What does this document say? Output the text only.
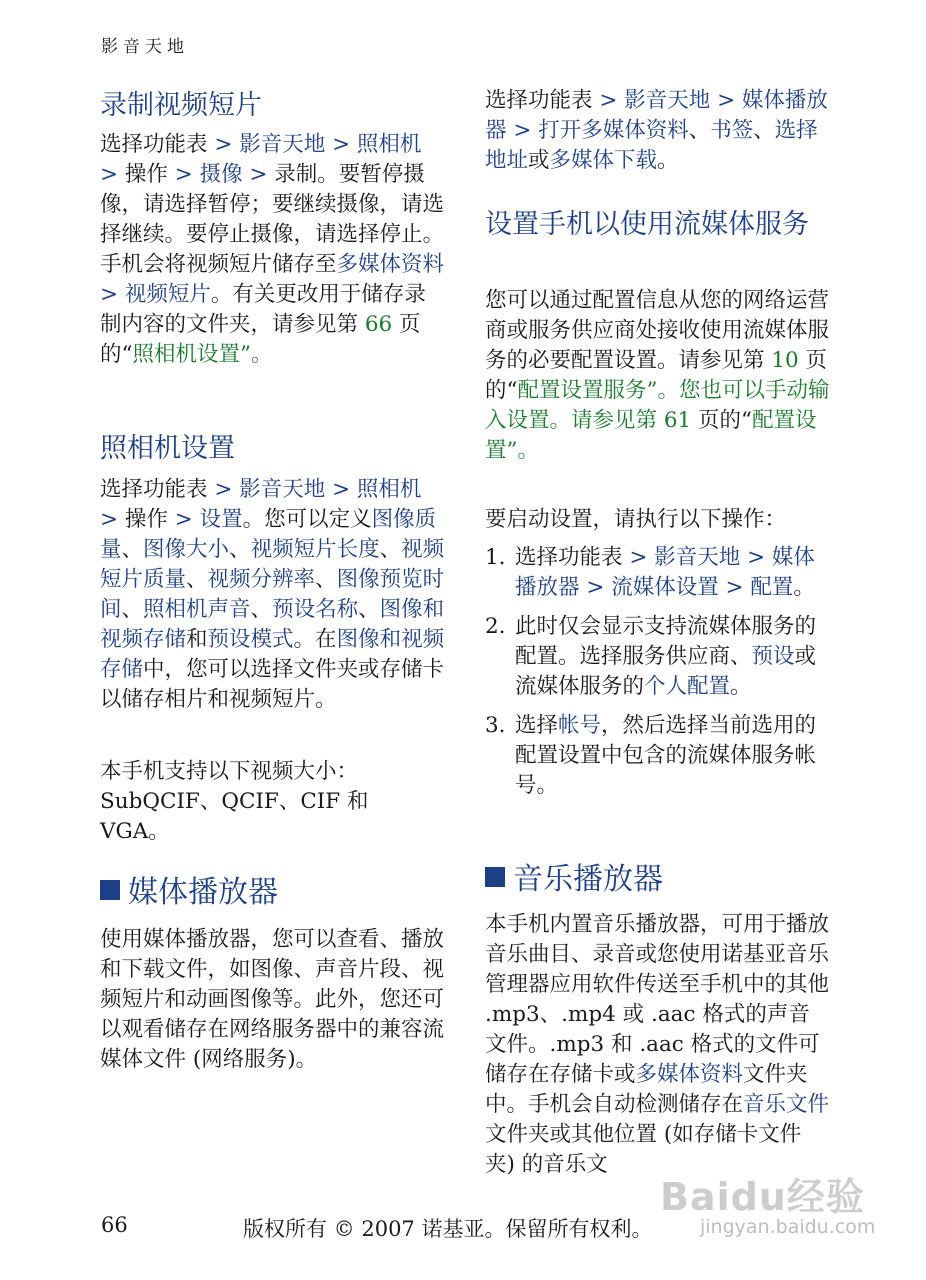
影音天地
录制视频短片

选择功能表 > 影音天地 > 照相机 > 操作 > 摄像 > 录制。要暂停摄像，请选择暂停；要继续摄像，请选择继续。要停止摄像，请选择停止。手机会将视频短片储存至多媒体资料 > 视频短片。有关更改用于储存录制内容的文件夹，请参见第 66 页的“照相机设置”。

照相机设置

选择功能表 > 影音天地 > 照相机 > 操作 > 设置。您可以定义图像质量、图像大小、视频短片长度、视频短片质量、视频分辨率、图像预览时间、照相机声音、预设名称、图像和视频存储和预设模式。在图像和视频存储中，您可以选择文件夹或存储卡以储存相片和视频短片。

本手机支持以下视频大小：SubQCIF、QCIF、CIF 和 VGA。

媒体播放器

使用媒体播放器，您可以查看、播放和下载文件，如图像、声音片段、视频短片和动画图像等。此外，您还可以观看储存在网络服务器中的兼容流媒体文件 (网络服务)。

选择功能表 > 影音天地 > 媒体播放器 > 打开多媒体资料、书签、选择地址或多媒体下载。

设置手机以使用流媒体服务

您可以通过配置信息从您的网络运营商或服务供应商处接收使用流媒体服务的必要配置设置。请参见第 10 页的“配置设置服务”。您也可以手动输入设置。请参见第 61 页的“配置设置”。

要启动设置，请执行以下操作：

1. 选择功能表 > 影音天地 > 媒体播放器 > 流媒体设置 > 配置。
2. 此时仅会显示支持流媒体服务的配置。选择服务供应商、预设或流媒体服务的个人配置。
3. 选择帐号，然后选择当前选用的配置设置中包含的流媒体服务帐号。
音乐播放器

本手机内置音乐播放器，可用于播放音乐曲目、录音或您使用诺基亚音乐管理器应用软件传送至手机中的其他 .mp3、.mp4 或 .aac 格式的声音文件。.mp3 和 .aac 格式的文件可储存在存储卡或多媒体资料文件夹中。手机会自动检测储存在音乐文件文件夹或其他位置 (如存储卡文件夹) 的音乐文

66	版权所有 © 2007 诺基亚。保留所有权利。
Baidu经验
jingyan.baidu.com
